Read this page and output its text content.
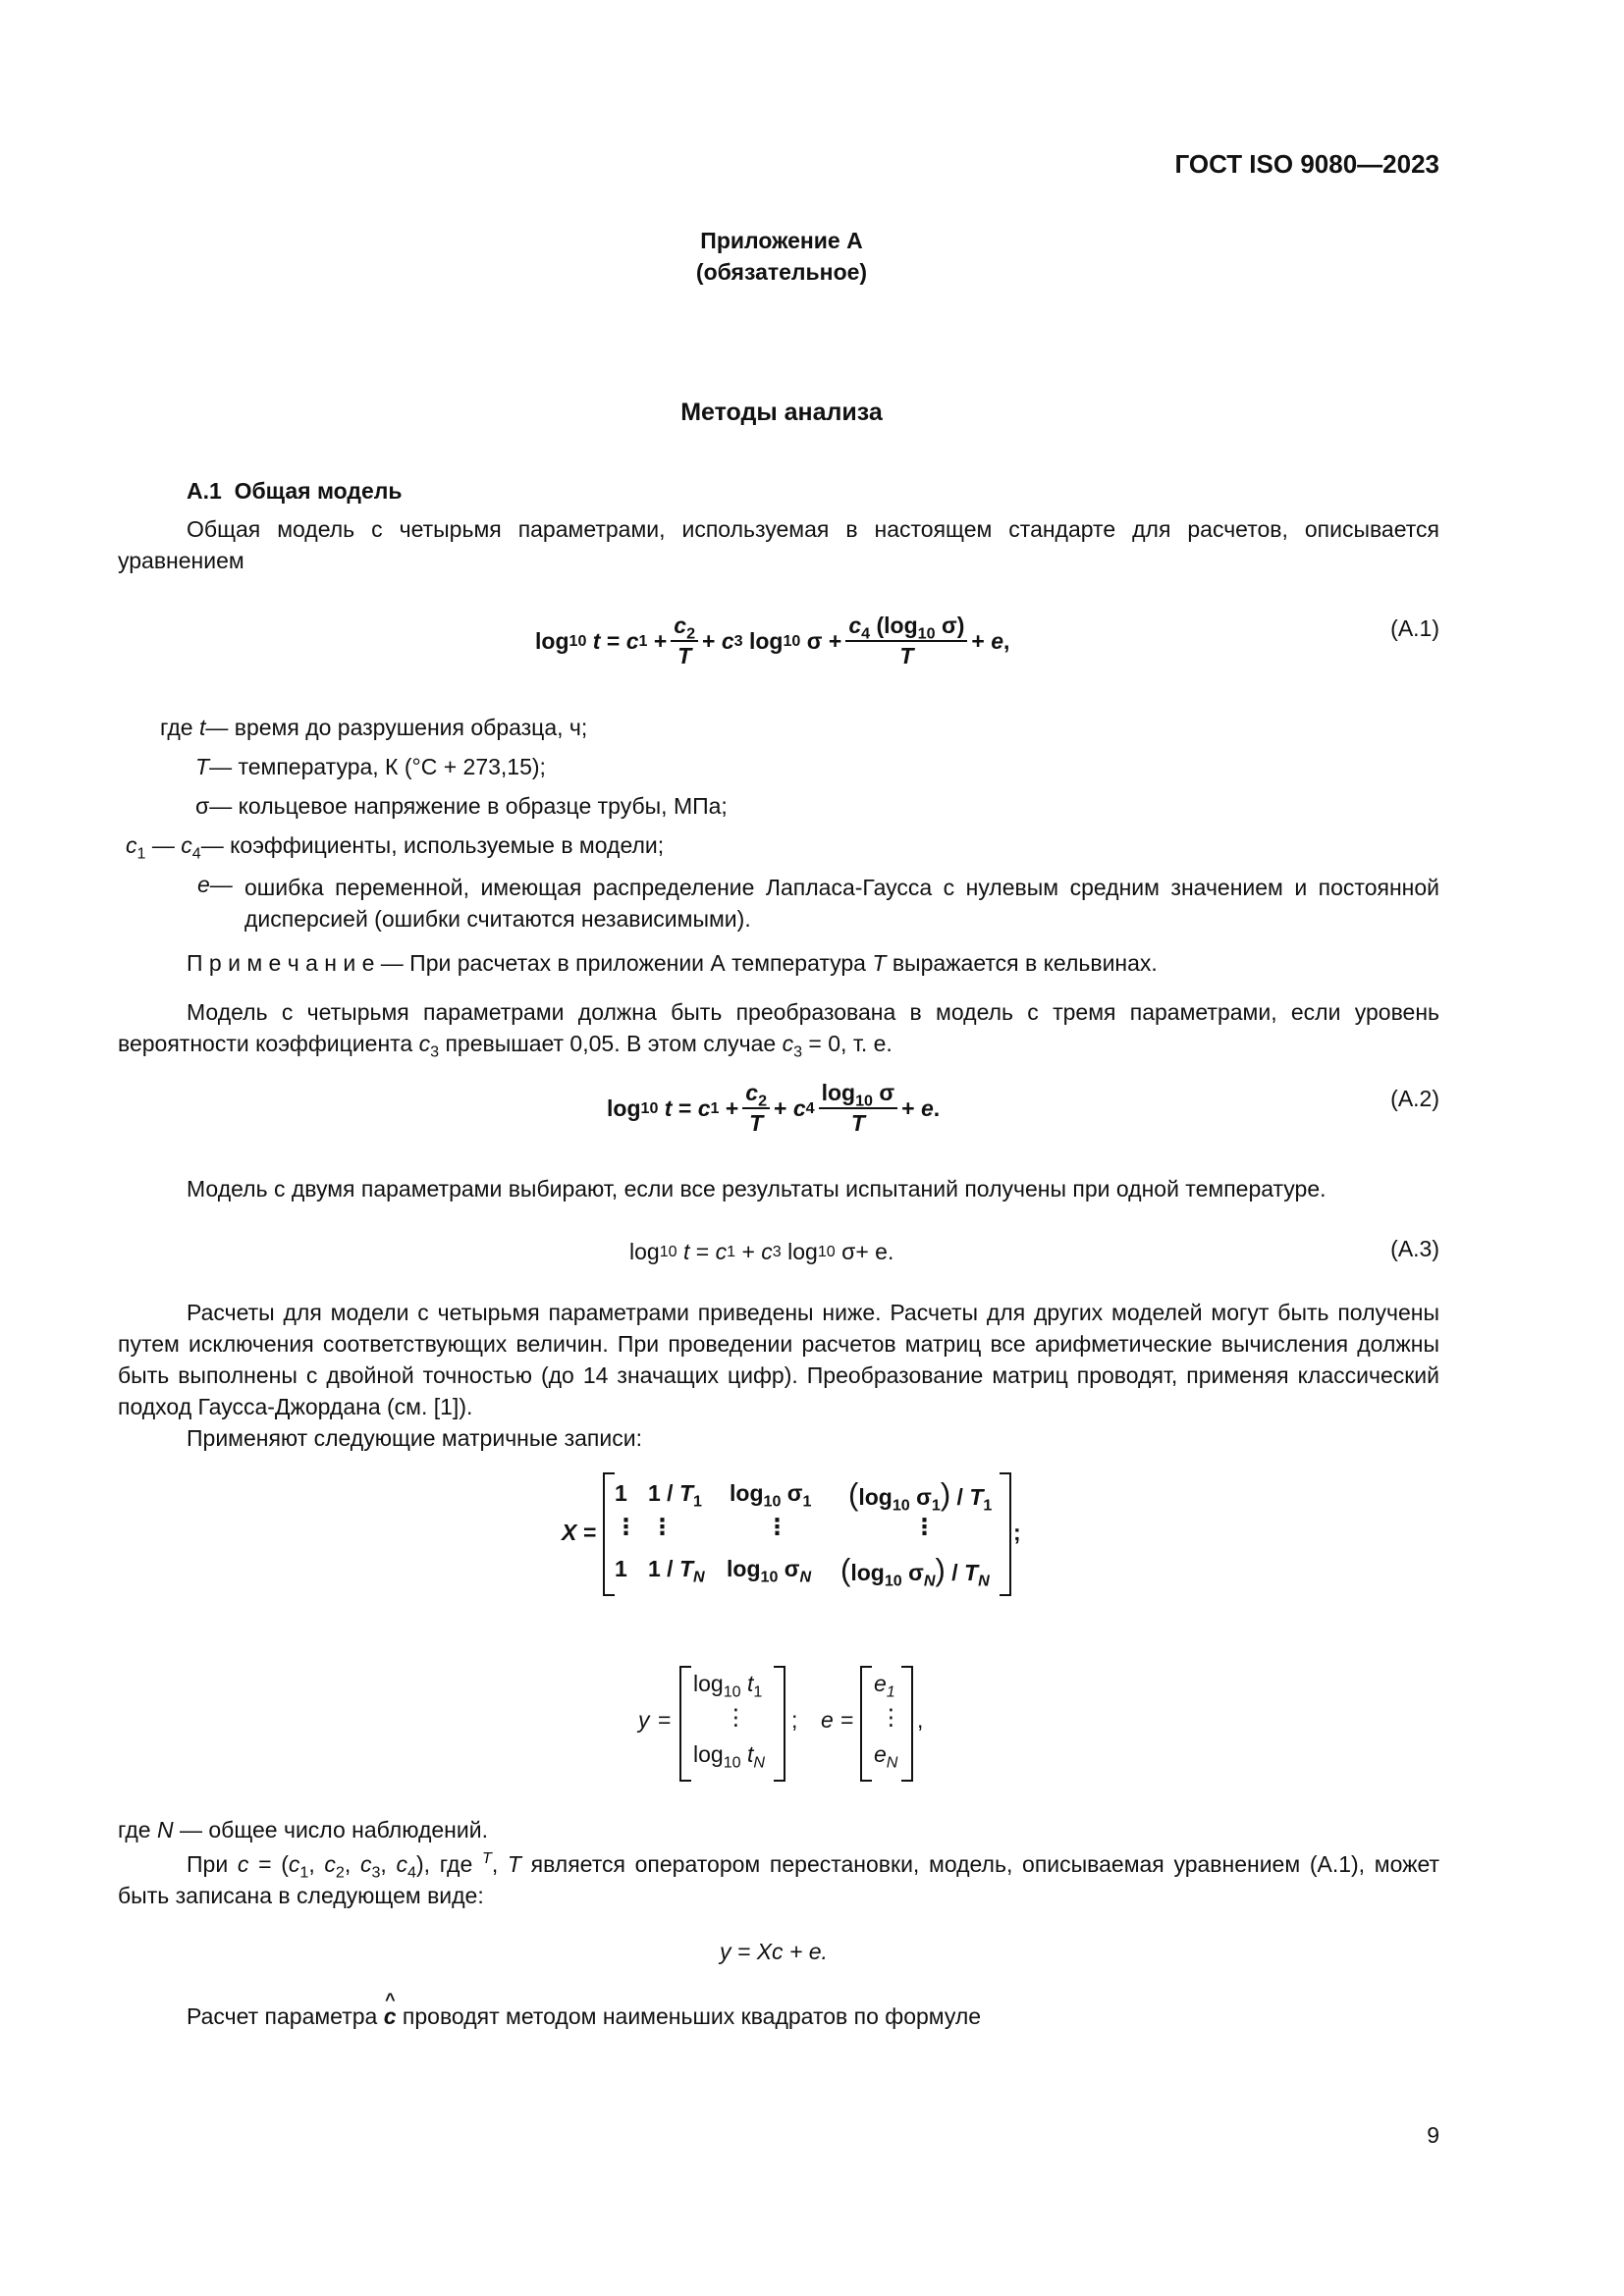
ГОСТ ISO 9080—2023
Приложение А
(обязательное)
Методы анализа
А.1 Общая модель
Общая модель с четырьмя параметрами, используемая в настоящем стандарте для расчетов, описывается уравнением
log 10
t
=
c 1
+ $\frac{c_2}{T}$ +
c 3
log 10
σ
+ $\frac{c_4 (\log_{10} \sigma)}{T}$ +
e ,	(А.1)
где t— время до разрушения образца, ч;
T— температура, К (°С + 273,15);
σ— кольцевое напряжение в образце трубы, МПа;
$c_1$ — $c_4—$ коэффициенты, используемые в модели;
e— ошибка переменной, имеющая распределение Лапласа-Гаусса с нулевым средним значением и постоянной дисперсией (ошибки считаются независимыми).
П р и м е ч а н и е — При расчетах в приложении А температура T выражается в кельвинах.
Модель с четырьмя параметрами должна быть преобразована в модель с тремя параметрами, если уровень вероятности коэффициента $c_3$ превышает 0,05. В этом случае $c_3 = 0$, т. е.
log 10
t
=
c 1
+ $\frac{c_2}{T}$ +
c $4 \frac{\log_{10} \sigma}{T}$ +
e .	(А.2)
Модель с двумя параметрами выбирают, если все результаты испытаний получены при одной температуре.
log 10
t
=
c 1
+
c 3
log 10
σ + e.	(А.3)
Расчеты для модели с четырьмя параметрами приведены ниже. Расчеты для других моделей могут быть получены путем исключения соответствующих величин. При проведении расчетов матриц все арифметические вычисления должны быть выполнены с двойной точностью (до 14 значащих цифр). Преобразование матриц проводят, применяя классический подход Гаусса-Джордана (см. [1]).
Применяют следующие матричные записи:
X =	;
1 $1 / T_1$ $\log_{10} \sigma_1$ ($\log_{10}$ $\sigma_1) / T_1$
⋮ ⋮	⋮	⋮
1 $1 / T_N$ $\log_{10} \sigma_N$ ($\log_{10}$ $\sigma_N) / T_N$
y =
$\log_{10} t_1$
⋮
$\log_{10} t_N$
; e =
$e_1$
⋮
$e_N$
,
где N — общее число наблюдений.
При $c = (c_1$, $c_2$, $c_3$, $c_4$), где $^T$, T является оператором перестановки, модель, описываемая уравнением (А.1), может быть записана в следующем виде:
y = Xc + e.
Расчет параметра ^ c проводят методом наименьших квадратов по формуле
9
